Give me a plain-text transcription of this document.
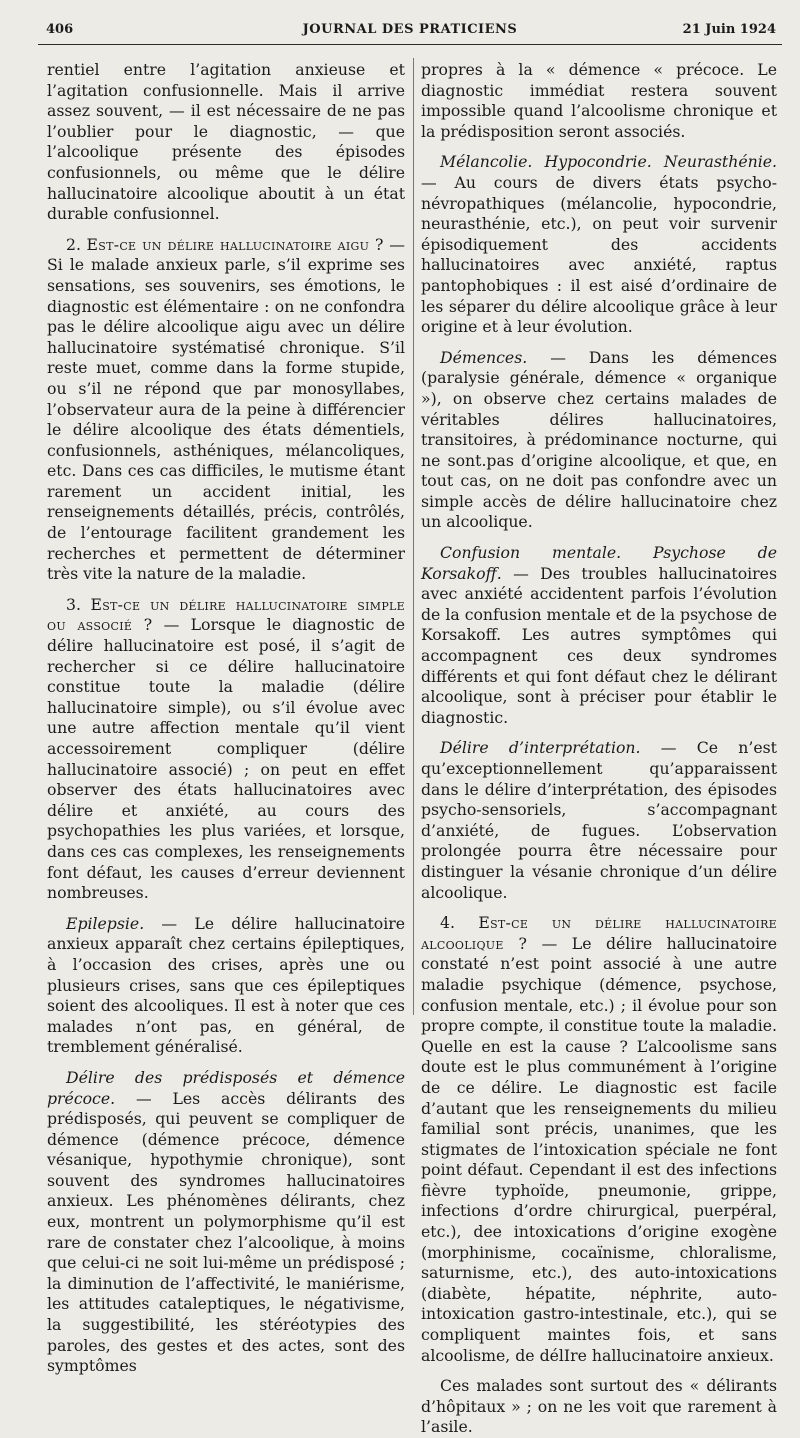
406	JOURNAL DES PRATICIENS	21 Juin 1924

rentiel entre l’agitation anxieuse et l’agitation confusionnelle. Mais il arrive assez souvent, — il est nécessaire de ne pas l’oublier pour le diagnostic, — que l’alcoolique présente des épisodes confusionnels, ou même que le délire hallucinatoire alcoolique aboutit à un état durable confusionnel.

2. Est-ce un délire hallucinatoire aigu ? — Si le malade anxieux parle, s’il exprime ses sensations, ses souvenirs, ses émotions, le diagnostic est élémentaire : on ne confondra pas le délire alcoolique aigu avec un délire hallucinatoire systématisé chronique. S’il reste muet, comme dans la forme stupide, ou s’il ne répond que par monosyllabes, l’observateur aura de la peine à différencier le délire alcoolique des états démentiels, confusionnels, asthéniques, mélancoliques, etc. Dans ces cas difficiles, le mutisme étant rarement un accident initial, les renseignements détaillés, précis, contrôlés, de l’entourage facilitent grandement les recherches et permettent de déterminer très vite la nature de la maladie.

3. Est-ce un délire hallucinatoire simple ou associé ? — Lorsque le diagnostic de délire hallucinatoire est posé, il s’agit de rechercher si ce délire hallucinatoire constitue toute la maladie (délire hallucinatoire simple), ou s’il évolue avec une autre affection mentale qu’il vient accessoirement compliquer (délire hallucinatoire associé) ; on peut en effet observer des états hallucinatoires avec délire et anxiété, au cours des psychopathies les plus variées, et lorsque, dans ces cas complexes, les renseignements font défaut, les causes d’erreur deviennent nombreuses.

Epilepsie. — Le délire hallucinatoire anxieux apparaît chez certains épileptiques, à l’occasion des crises, après une ou plusieurs crises, sans que ces épileptiques soient des alcooliques. Il est à noter que ces malades n’ont pas, en général, de tremblement généralisé.

Délire des prédisposés et démence précoce. — Les accès délirants des prédisposés, qui peuvent se compliquer de démence (démence précoce, démence vésanique, hypothymie chronique), sont souvent des syndromes hallucinatoires anxieux. Les phénomènes délirants, chez eux, montrent un polymorphisme qu’il est rare de constater chez l’alcoolique, à moins que celui-ci ne soit lui-même un prédisposé ; la diminution de l’affectivité, le maniérisme, les attitudes cataleptiques, le négativisme, la suggestibilité, les stéréotypies des paroles, des gestes et des actes, sont des symptômes

propres à la « démence « précoce. Le diagnostic immédiat restera souvent impossible quand l’alcoolisme chronique et la prédisposition seront associés.

Mélancolie. Hypocondrie. Neurasthénie. — Au cours de divers états psycho-névropathiques (mélancolie, hypocondrie, neurasthénie, etc.), on peut voir survenir épisodiquement des accidents hallucinatoires avec anxiété, raptus pantophobiques : il est aisé d’ordinaire de les séparer du délire alcoolique grâce à leur origine et à leur évolution.

Démences. — Dans les démences (paralysie générale, démence « organique »), on observe chez certains malades de véritables délires hallucinatoires, transitoires, à prédominance nocturne, qui ne sont.pas d’origine alcoolique, et que, en tout cas, on ne doit pas confondre avec un simple accès de délire hallucinatoire chez un alcoolique.

Confusion mentale. Psychose de Korsakoff. — Des troubles hallucinatoires avec anxiété accidentent parfois l’évolution de la confusion mentale et de la psychose de Korsakoff. Les autres symptômes qui accompagnent ces deux syndromes différents et qui font défaut chez le délirant alcoolique, sont à préciser pour établir le diagnostic.

Délire d’interprétation. — Ce n’est qu’exceptionnellement qu’apparaissent dans le délire d’interprétation, des épisodes psycho-sensoriels, s’accompagnant d’anxiété, de fugues. L’observation prolongée pourra être nécessaire pour distinguer la vésanie chronique d’un délire alcoolique.

4. Est-ce un délire hallucinatoire alcoolique ? — Le délire hallucinatoire constaté n’est point associé à une autre maladie psychique (démence, psychose, confusion mentale, etc.) ; il évolue pour son propre compte, il constitue toute la maladie. Quelle en est la cause ? L’alcoolisme sans doute est le plus communément à l’origine de ce délire. Le diagnostic est facile d’autant que les renseignements du milieu familial sont précis, unanimes, que les stigmates de l’intoxication spéciale ne font point défaut. Cependant il est des infections fièvre typhoïde, pneumonie, grippe, infections d’ordre chirurgical, puerpéral, etc.), dee intoxications d’origine exogène (morphinisme, cocaïnisme, chloralisme, saturnisme, etc.), des auto-intoxications (diabète, hépatite, néphrite, auto-intoxication gastro-intestinale, etc.), qui se compliquent maintes fois, et sans alcoolisme, de délIre hallucinatoire anxieux.

Ces malades sont surtout des « délirants d’hôpitaux » ; on ne les voit que rarement à l’asile.
